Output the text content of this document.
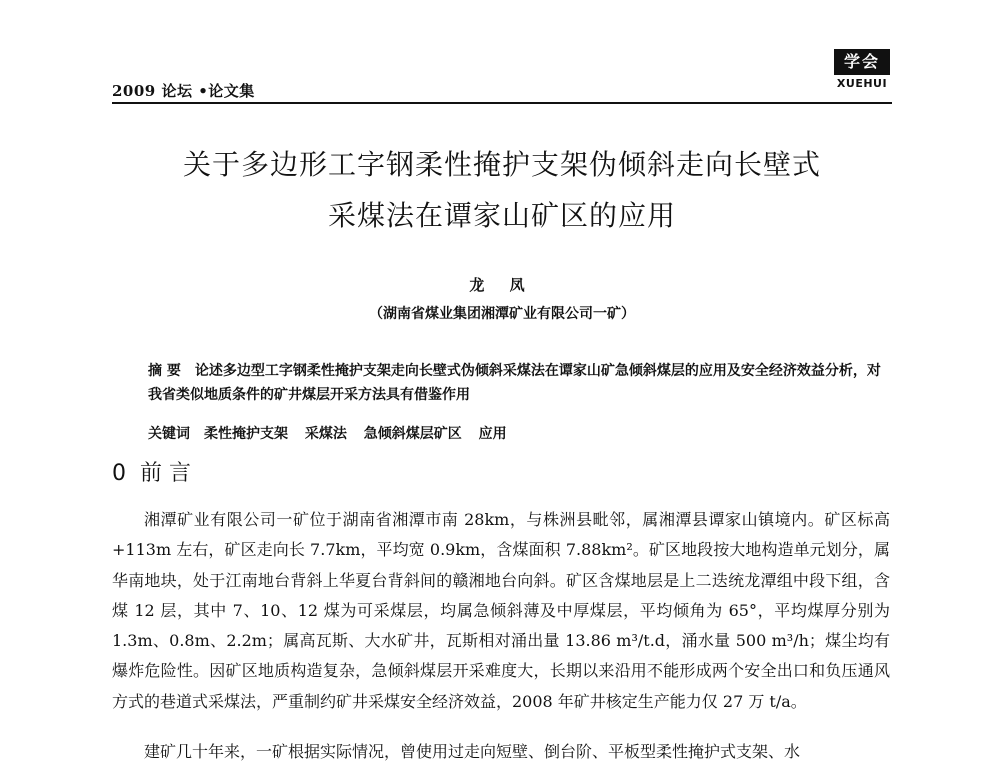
2009 论坛 •论文集
学会
XUEHUI
关于多边形工字钢柔性掩护支架伪倾斜走向长壁式
采煤法在谭家山矿区的应用
龙 凤
（湖南省煤业集团湘潭矿业有限公司一矿）
摘 要 论述多边型工字钢柔性掩护支架走向长壁式伪倾斜采煤法在谭家山矿急倾斜煤层的应用及安全经济效益分析，对我省类似地质条件的矿井煤层开采方法具有借鉴作用
关键词 柔性掩护支架 采煤法 急倾斜煤层矿区 应用
0 前 言
湘潭矿业有限公司一矿位于湖南省湘潭市南 28km，与株洲县毗邻，属湘潭县谭家山镇境内。矿区标高+113m 左右，矿区走向长 7.7km，平均宽 0.9km，含煤面积 7.88km²。矿区地段按大地构造单元划分，属华南地块，处于江南地台背斜上华夏台背斜间的赣湘地台向斜。矿区含煤地层是上二迭统龙潭组中段下组，含煤 12 层，其中 7、10、12 煤为可采煤层，均属急倾斜薄及中厚煤层，平均倾角为 65°，平均煤厚分别为 1.3m、0.8m、2.2m；属高瓦斯、大水矿井，瓦斯相对涌出量 13.86 m³/t.d，涌水量 500 m³/h；煤尘均有爆炸危险性。因矿区地质构造复杂，急倾斜煤层开采难度大，长期以来沿用不能形成两个安全出口和负压通风方式的巷道式采煤法，严重制约矿井采煤安全经济效益，2008 年矿井核定生产能力仅 27 万 t/a。
建矿几十年来，一矿根据实际情况，曾使用过走向短壁、倒台阶、平板型柔性掩护式支架、水
